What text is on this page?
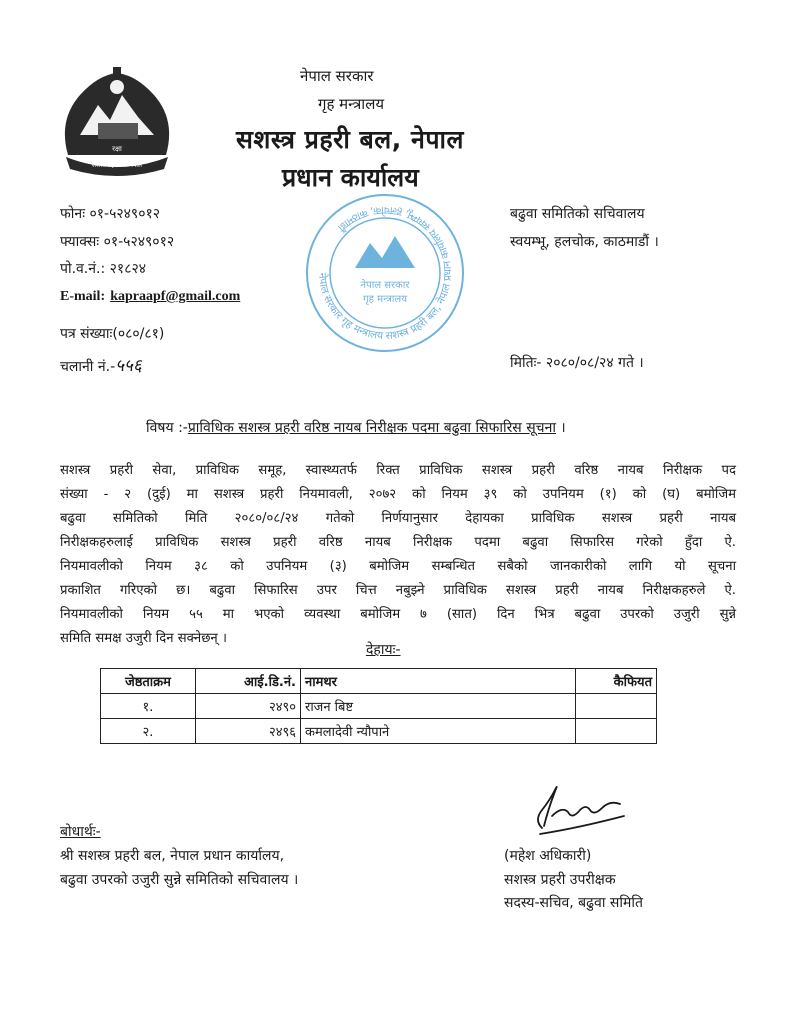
सशस्त्र प्रहरी बल नेपाल
रक्षा
नेपाल सरकार
गृह मन्त्रालय
सशस्त्र प्रहरी बल, नेपाल
प्रधान कार्यालय
फोनः ०१-५२४९०१२
फ्याक्सः ०१-५२४९०१२
पो.व.नं.: २१८२४
E-mail: kapraapf@gmail.com
बढुवा समितिको सचिवालय
स्वयम्भू, हलचोक, काठमाडौं ।
नेपाल सरकार गृह मन्त्रालय सशस्त्र प्रहरी बल, नेपाल प्रधान कार्यालय स्वयम्भू, हलचोक, काठमाडौं
नेपाल सरकार
गृह मन्त्रालय
पत्र संख्याः(०८०/८१)
चलानी नं.-५५६	मितिः- २०८०/०८/२४ गते ।
विषय :-प्राविधिक सशस्त्र प्रहरी वरिष्ठ नायब निरीक्षक पदमा बढुवा सिफारिस सूचना ।
सशस्त्र प्रहरी सेवा, प्राविधिक समूह, स्वास्थ्यतर्फ रिक्त प्राविधिक सशस्त्र प्रहरी वरिष्ठ नायब निरीक्षक पद
संख्या - २ (दुई) मा सशस्त्र प्रहरी नियमावली, २०७२ को नियम ३९ को उपनियम (१) को (घ) बमोजिम
बढुवा समितिको मिति २०८०/०८/२४ गतेको निर्णयानुसार देहायका प्राविधिक सशस्त्र प्रहरी नायब
निरीक्षकहरुलाई प्राविधिक सशस्त्र प्रहरी वरिष्ठ नायब निरीक्षक पदमा बढुवा सिफारिस गरेको हुँदा ऐ.
नियमावलीको नियम ३८ को उपनियम (३) बमोजिम सम्बन्धित सबैको जानकारीको लागि यो सूचना
प्रकाशित गरिएको छ। बढुवा सिफारिस उपर चित्त नबुझ्ने प्राविधिक सशस्त्र प्रहरी नायब निरीक्षकहरुले ऐ.
नियमावलीको नियम ५५ मा भएको व्यवस्था बमोजिम ७ (सात) दिन भित्र बढुवा उपरको उजुरी सुन्ने
समिति समक्ष उजुरी दिन सक्नेछन् ।
देहायः-
जेष्ठताक्रम	आई.डि.नं.	नामथर	कैफियत
१.	२४९०	राजन बिष्ट	
२.	२४९६	कमलादेवी न्यौपाने	
बोधार्थः-
श्री सशस्त्र प्रहरी बल, नेपाल प्रधान कार्यालय,
बढुवा उपरको उजुरी सुन्ने समितिको सचिवालय ।
(महेश अधिकारी)
सशस्त्र प्रहरी उपरीक्षक
सदस्य-सचिव, बढुवा समिति
